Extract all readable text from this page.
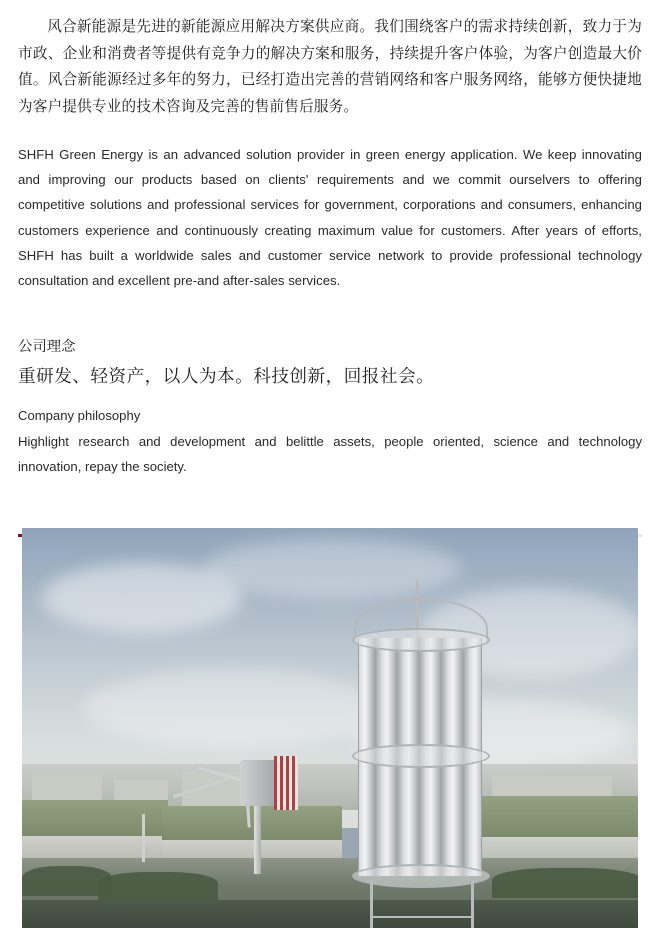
风合新能源是先进的新能源应用解决方案供应商。我们围绕客户的需求持续创新，致力于为市政、企业和消费者等提供有竞争力的解决方案和服务，持续提升客户体验，为客户创造最大价值。风合新能源经过多年的努力，已经打造出完善的营销网络和客户服务网络，能够方便快捷地为客户提供专业的技术咨询及完善的售前售后服务。

SHFH Green Energy is an advanced solution provider in green energy application. We keep innovating and improving our products based on clients' requirements and we commit ourselvers to offering competitive solutions and professional services for government, corporations and consumers, enhancing customers experience and continuously creating maximum value for customers. After years of efforts, SHFH has built a worldwide sales and customer service network to provide professional technology consultation and excellent pre-and after-sales services.

公司理念

重研发、轻资产，以人为本。科技创新，回报社会。

Company philosophy

Highlight research and development and belittle assets, people oriented, science and technology innovation, repay the society.
